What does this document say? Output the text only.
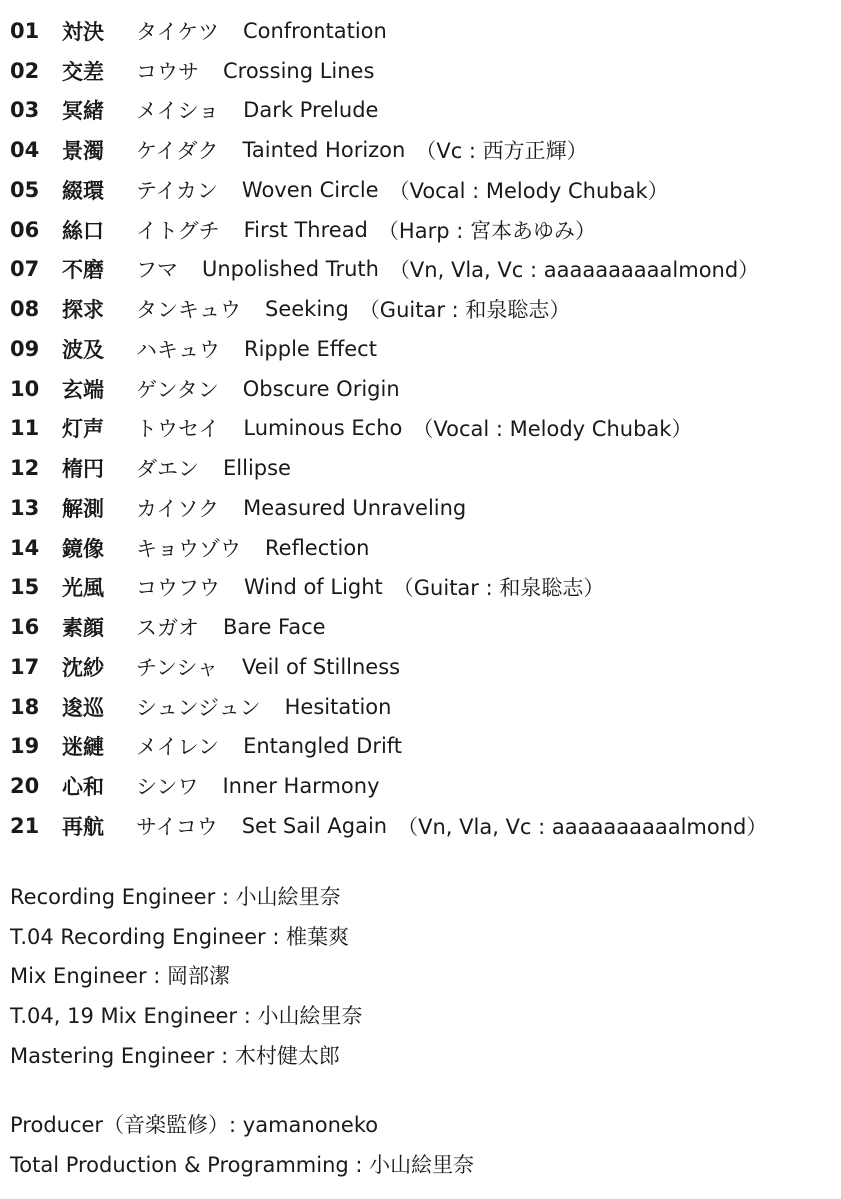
01	対決	タイケツ Confrontation
02	交差	コウサ Crossing Lines
03	冥緒	メイショ Dark Prelude
04	景濁	ケイダク Tainted Horizon （Vc : 西方正輝）
05	綴環	テイカン Woven Circle （Vocal : Melody Chubak）
06	絲口	イトグチ First Thread （Harp : 宮本あゆみ）
07	不磨	フマ Unpolished Truth （Vn, Vla, Vc : aaaaaaaaaalmond）
08	探求	タンキュウ Seeking （Guitar : 和泉聡志）
09	波及	ハキュウ Ripple Effect
10	玄端	ゲンタン Obscure Origin
11	灯声	トウセイ Luminous Echo （Vocal : Melody Chubak）
12	楕円	ダエン Ellipse
13	解測	カイソク Measured Unraveling
14	鏡像	キョウゾウ Reflection
15	光風	コウフウ Wind of Light （Guitar : 和泉聡志）
16	素顔	スガオ Bare Face
17	沈紗	チンシャ Veil of Stillness
18	逡巡	シュンジュン Hesitation
19	迷縺	メイレン Entangled Drift
20	心和	シンワ Inner Harmony
21	再航	サイコウ Set Sail Again （Vn, Vla, Vc : aaaaaaaaaalmond）
Recording Engineer : 小山絵里奈
T.04 Recording Engineer : 椎葉爽
Mix Engineer : 岡部潔
T.04, 19 Mix Engineer : 小山絵里奈
Mastering Engineer : 木村健太郎
Producer（音楽監修）: yamanoneko
Total Production & Programming : 小山絵里奈
